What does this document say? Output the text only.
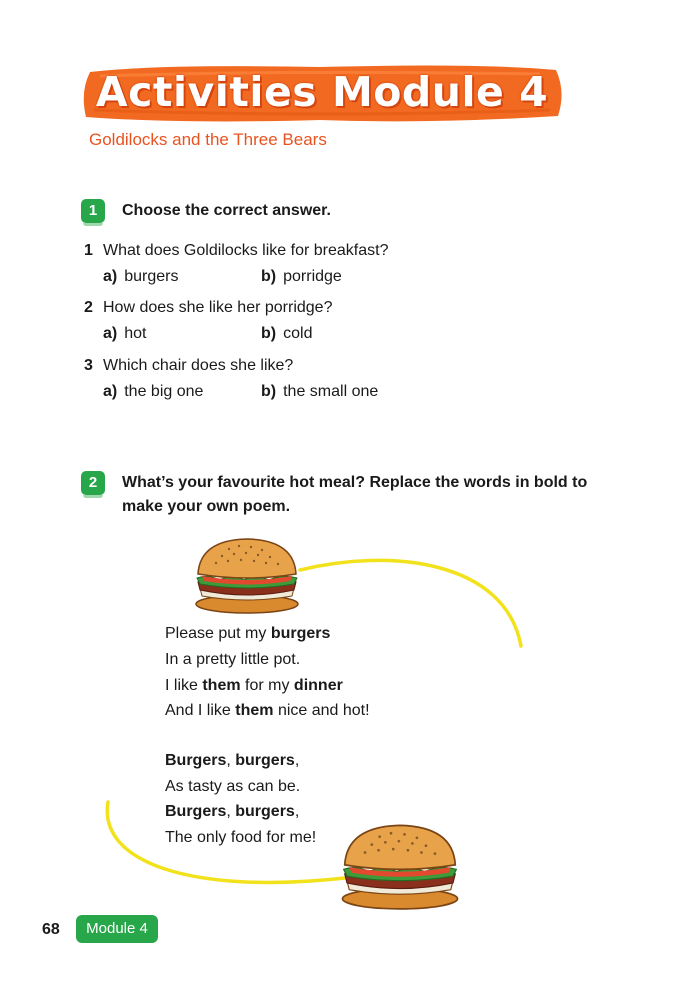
Activities Module 4
Goldilocks and the Three Bears
1	Choose the correct answer.
1 What does Goldilocks like for breakfast?
a) burgers	b) porridge
2 How does she like her porridge?
a) hot	b) cold
3 Which chair does she like?
a) the big one	b) the small one
2	What’s your favourite hot meal? Replace the words in bold to
make your own poem.
Please put my burgers
In a pretty little pot.
I like them for my dinner
And I like them nice and hot!
Burgers, burgers,
As tasty as can be.
Burgers, burgers,
The only food for me!
68	Module 4
